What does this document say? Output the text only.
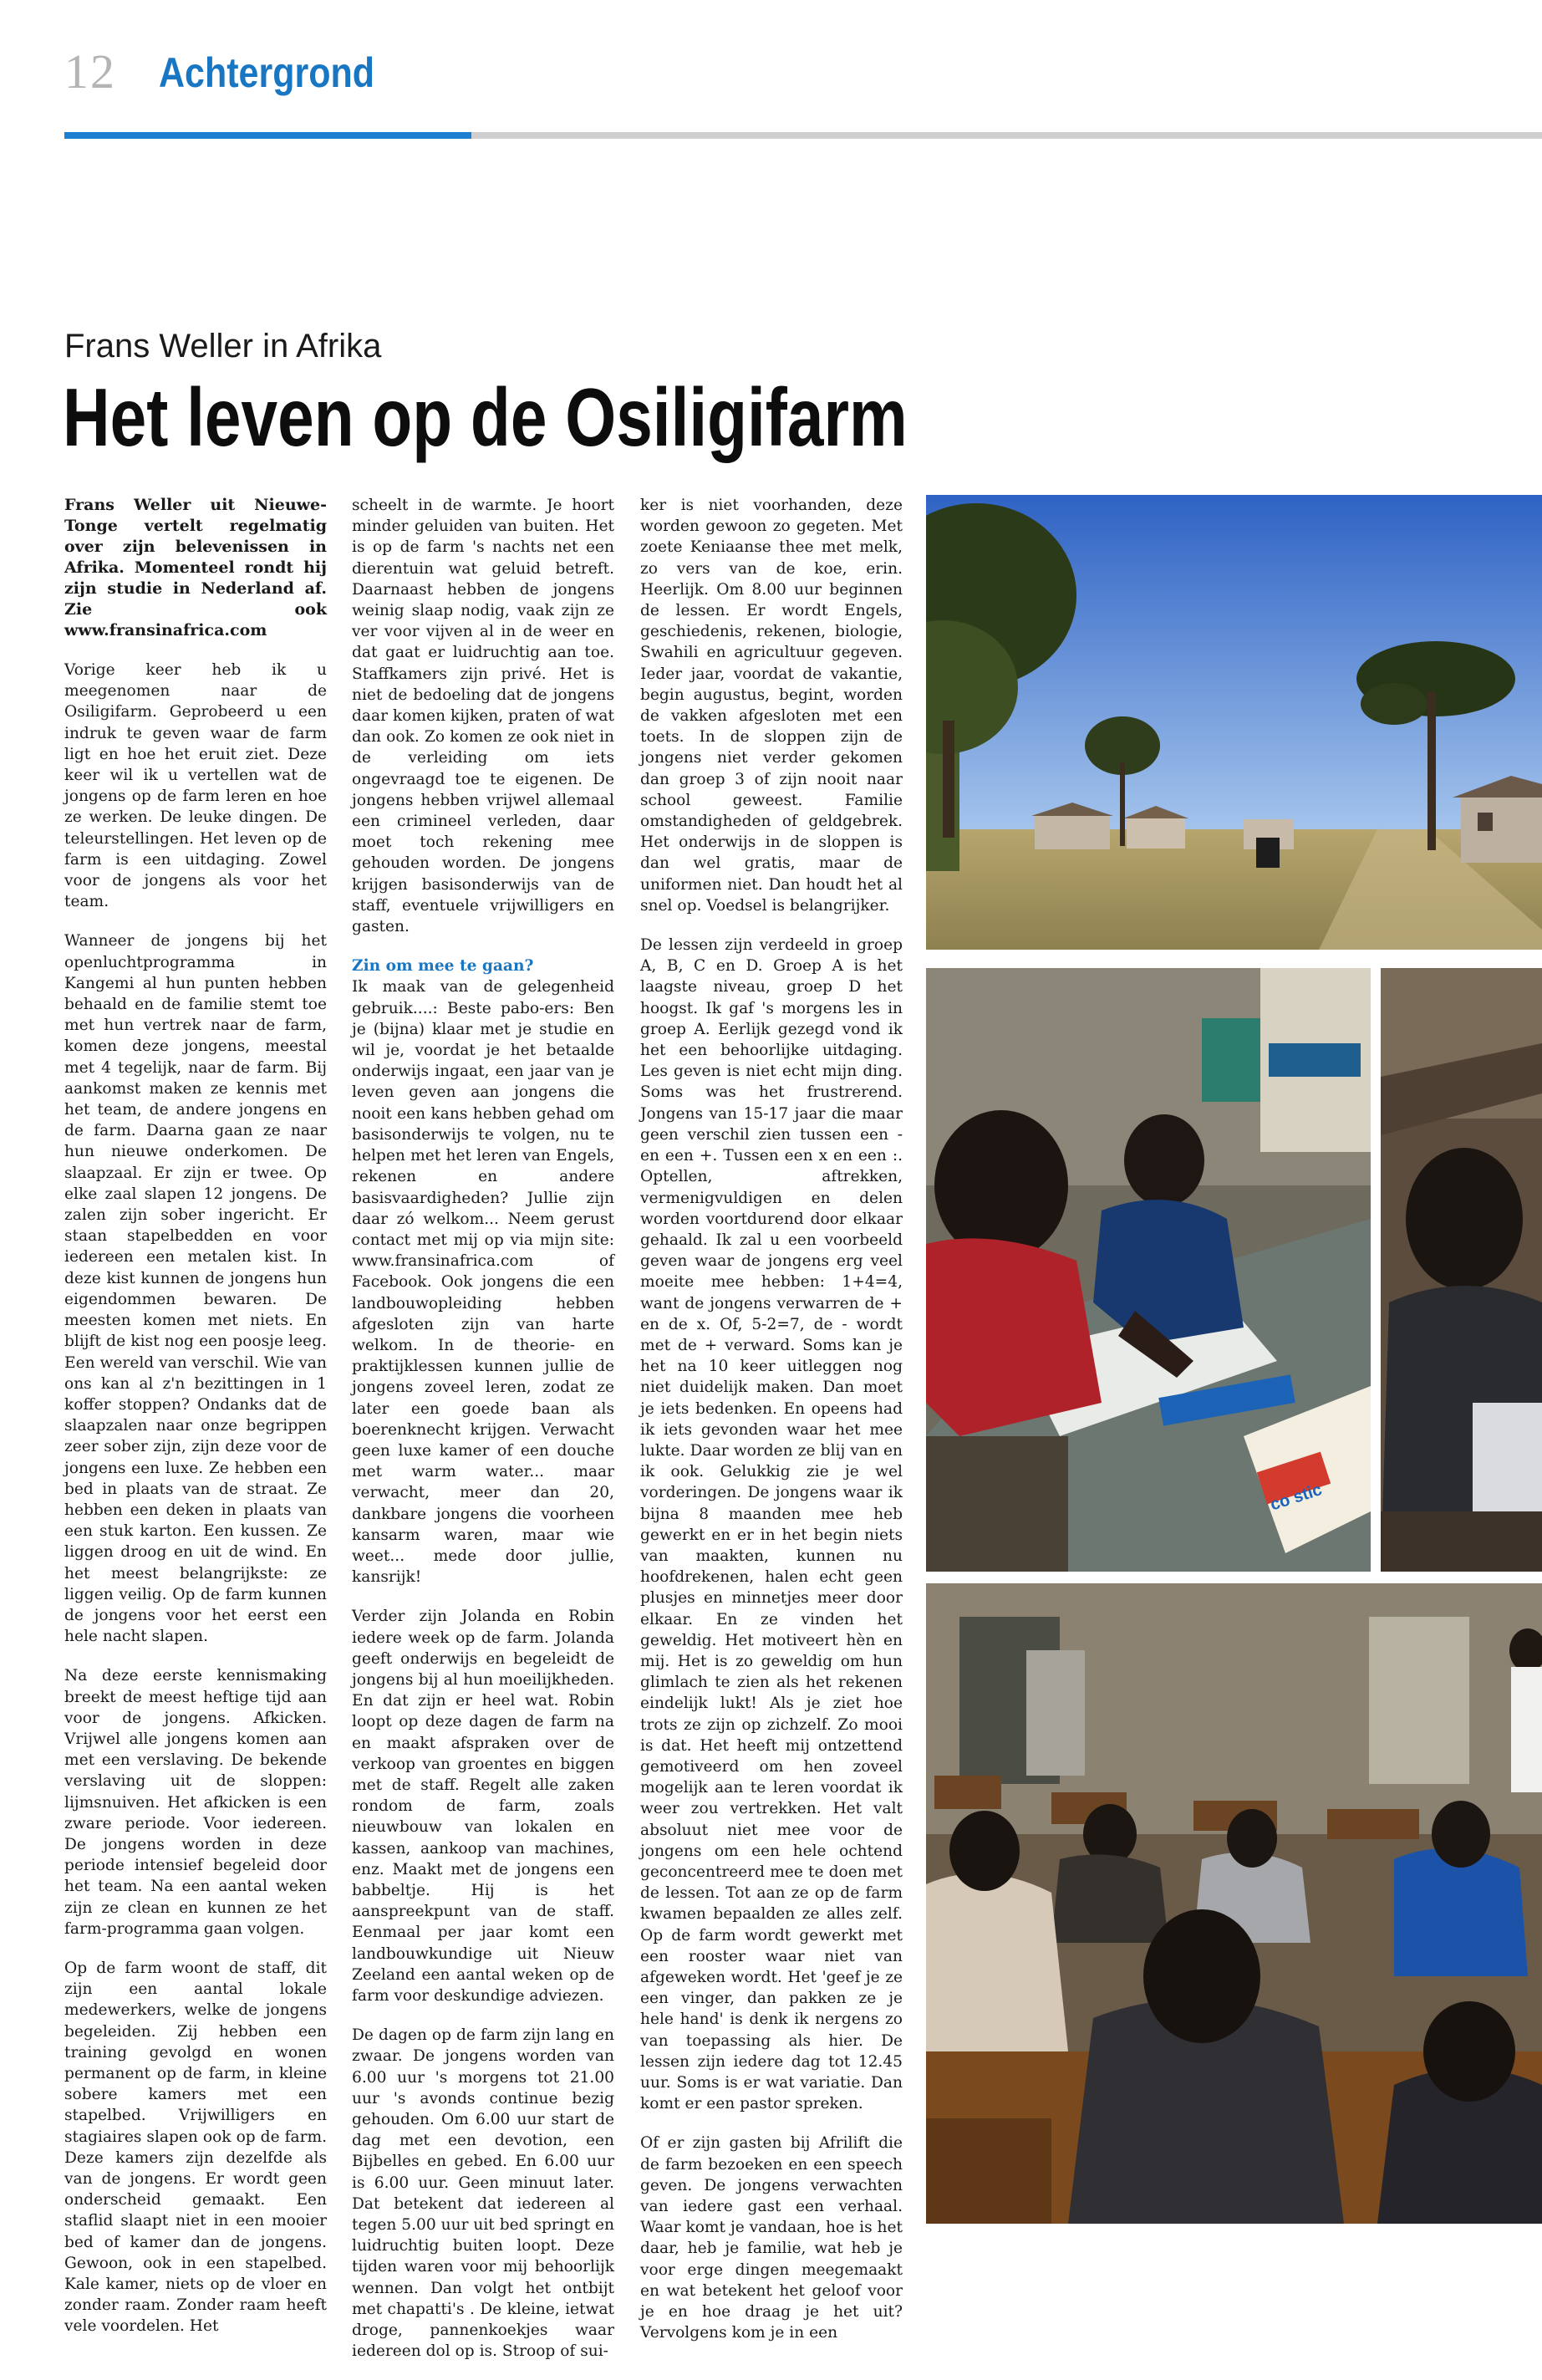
12 Achtergrond
Frans Weller in Afrika
Het leven op de Osiligifarm

Frans Weller uit Nieuwe-Tonge vertelt regelmatig over zijn belevenissen in Afrika. Momenteel rondt hij zijn studie in Nederland af. Zie ook www.fransinafrica.com

Vorige keer heb ik u meegenomen naar de Osiligifarm. Geprobeerd u een indruk te geven waar de farm ligt en hoe het eruit ziet. Deze keer wil ik u vertellen wat de jongens op de farm leren en hoe ze werken. De leuke dingen. De teleurstellingen. Het leven op de farm is een uitdaging. Zowel voor de jongens als voor het team.

Wanneer de jongens bij het openluchtprogramma in Kangemi al hun punten hebben behaald en de familie stemt toe met hun vertrek naar de farm, komen deze jongens, meestal met 4 tegelijk, naar de farm. Bij aankomst maken ze kennis met het team, de andere jongens en de farm. Daarna gaan ze naar hun nieuwe onderkomen. De slaapzaal. Er zijn er twee. Op elke zaal slapen 12 jongens. De zalen zijn sober ingericht. Er staan stapelbedden en voor iedereen een metalen kist. In deze kist kunnen de jongens hun eigendommen bewaren. De meesten komen met niets. En blijft de kist nog een poosje leeg. Een wereld van verschil. Wie van ons kan al z'n bezittingen in 1 koffer stoppen? Ondanks dat de slaapzalen naar onze begrippen zeer sober zijn, zijn deze voor de jongens een luxe. Ze hebben een bed in plaats van de straat. Ze hebben een deken in plaats van een stuk karton. Een kussen. Ze liggen droog en uit de wind. En het meest belangrijkste: ze liggen veilig. Op de farm kunnen de jongens voor het eerst een hele nacht slapen.

Na deze eerste kennismaking breekt de meest heftige tijd aan voor de jongens. Afkicken. Vrijwel alle jongens komen aan met een verslaving. De bekende verslaving uit de sloppen: lijmsnuiven. Het afkicken is een zware periode. Voor iedereen. De jongens worden in deze periode intensief begeleid door het team. Na een aantal weken zijn ze clean en kunnen ze het farm-programma gaan volgen.

Op de farm woont de staff, dit zijn een aantal lokale medewerkers, welke de jongens begeleiden. Zij hebben een training gevolgd en wonen permanent op de farm, in kleine sobere kamers met een stapelbed. Vrijwilligers en stagiaires slapen ook op de farm. Deze kamers zijn dezelfde als van de jongens. Er wordt geen onderscheid gemaakt. Een staflid slaapt niet in een mooier bed of kamer dan de jongens. Gewoon, ook in een stapelbed. Kale kamer, niets op de vloer en zonder raam. Zonder raam heeft vele voordelen. Het

scheelt in de warmte. Je hoort minder geluiden van buiten. Het is op de farm 's nachts net een dierentuin wat geluid betreft. Daarnaast hebben de jongens weinig slaap nodig, vaak zijn ze ver voor vijven al in de weer en dat gaat er luidruchtig aan toe. Staffkamers zijn privé. Het is niet de bedoeling dat de jongens daar komen kijken, praten of wat dan ook. Zo komen ze ook niet in de verleiding om iets ongevraagd toe te eigenen. De jongens hebben vrijwel allemaal een crimineel verleden, daar moet toch rekening mee gehouden worden. De jongens krijgen basisonderwijs van de staff, eventuele vrijwilligers en gasten.

Zin om mee te gaan?

Ik maak van de gelegenheid gebruik....: Beste pabo-ers: Ben je (bijna) klaar met je studie en wil je, voordat je het betaalde onderwijs ingaat, een jaar van je leven geven aan jongens die nooit een kans hebben gehad om basisonderwijs te volgen, nu te helpen met het leren van Engels, rekenen en andere basisvaardigheden? Jullie zijn daar zó welkom... Neem gerust contact met mij op via mijn site: www.fransinafrica.com of Facebook. Ook jongens die een landbouwopleiding hebben afgesloten zijn van harte welkom. In de theorie- en praktijklessen kunnen jullie de jongens zoveel leren, zodat ze later een goede baan als boerenknecht krijgen. Verwacht geen luxe kamer of een douche met warm water... maar verwacht, meer dan 20, dankbare jongens die voorheen kansarm waren, maar wie weet... mede door jullie, kansrijk!

Verder zijn Jolanda en Robin iedere week op de farm. Jolanda geeft onderwijs en begeleidt de jongens bij al hun moeilijkheden. En dat zijn er heel wat. Robin loopt op deze dagen de farm na en maakt afspraken over de verkoop van groentes en biggen met de staff. Regelt alle zaken rondom de farm, zoals nieuwbouw van lokalen en kassen, aankoop van machines, enz. Maakt met de jongens een babbeltje. Hij is het aanspreekpunt van de staff. Eenmaal per jaar komt een landbouwkundige uit Nieuw Zeeland een aantal weken op de farm voor deskundige adviezen.

De dagen op de farm zijn lang en zwaar. De jongens worden van 6.00 uur 's morgens tot 21.00 uur 's avonds continue bezig gehouden. Om 6.00 uur start de dag met een devotion, een Bijbelles en gebed. En 6.00 uur is 6.00 uur. Geen minuut later. Dat betekent dat iedereen al tegen 5.00 uur uit bed springt en luidruchtig buiten loopt. Deze tijden waren voor mij behoorlijk wennen. Dan volgt het ontbijt met chapatti's . De kleine, ietwat droge, pannenkoekjes waar iedereen dol op is. Stroop of sui-

ker is niet voorhanden, deze worden gewoon zo gegeten. Met zoete Keniaanse thee met melk, zo vers van de koe, erin. Heerlijk. Om 8.00 uur beginnen de lessen. Er wordt Engels, geschiedenis, rekenen, biologie, Swahili en agricultuur gegeven. Ieder jaar, voordat de vakantie, begin augustus, begint, worden de vakken afgesloten met een toets. In de sloppen zijn de jongens niet verder gekomen dan groep 3 of zijn nooit naar school geweest. Familie omstandigheden of geldgebrek. Het onderwijs in de sloppen is dan wel gratis, maar de uniformen niet. Dan houdt het al snel op. Voedsel is belangrijker.

De lessen zijn verdeeld in groep A, B, C en D. Groep A is het laagste niveau, groep D het hoogst. Ik gaf 's morgens les in groep A. Eerlijk gezegd vond ik het een behoorlijke uitdaging. Les geven is niet echt mijn ding. Soms was het frustrerend. Jongens van 15-17 jaar die maar geen verschil zien tussen een - en een +. Tussen een x en een :. Optellen, aftrekken, vermenigvuldigen en delen worden voortdurend door elkaar gehaald. Ik zal u een voorbeeld geven waar de jongens erg veel moeite mee hebben: 1+4=4, want de jongens verwarren de + en de x. Of, 5-2=7, de - wordt met de + verward. Soms kan je het na 10 keer uitleggen nog niet duidelijk maken. Dan moet je iets bedenken. En opeens had ik iets gevonden waar het mee lukte. Daar worden ze blij van en ik ook. Gelukkig zie je wel vorderingen. De jongens waar ik bijna 8 maanden mee heb gewerkt en er in het begin niets van maakten, kunnen nu hoofdrekenen, halen echt geen plusjes en minnetjes meer door elkaar. En ze vinden het geweldig. Het motiveert hèn en mij. Het is zo geweldig om hun glimlach te zien als het rekenen eindelijk lukt! Als je ziet hoe trots ze zijn op zichzelf. Zo mooi is dat. Het heeft mij ontzettend gemotiveerd om hen zoveel mogelijk aan te leren voordat ik weer zou vertrekken. Het valt absoluut niet mee voor de jongens om een hele ochtend geconcentreerd mee te doen met de lessen. Tot aan ze op de farm kwamen bepaalden ze alles zelf. Op de farm wordt gewerkt met een rooster waar niet van afgeweken wordt. Het 'geef je ze een vinger, dan pakken ze je hele hand' is denk ik nergens zo van toepassing als hier. De lessen zijn iedere dag tot 12.45 uur. Soms is er wat variatie. Dan komt er een pastor spreken.

Of er zijn gasten bij Afrilift die de farm bezoeken en een speech geven. De jongens verwachten van iedere gast een verhaal. Waar komt je vandaan, hoe is het daar, heb je familie, wat heb je voor erge dingen meegemaakt en wat betekent het geloof voor je en hoe draag je het uit? Vervolgens kom je in een

co stic
